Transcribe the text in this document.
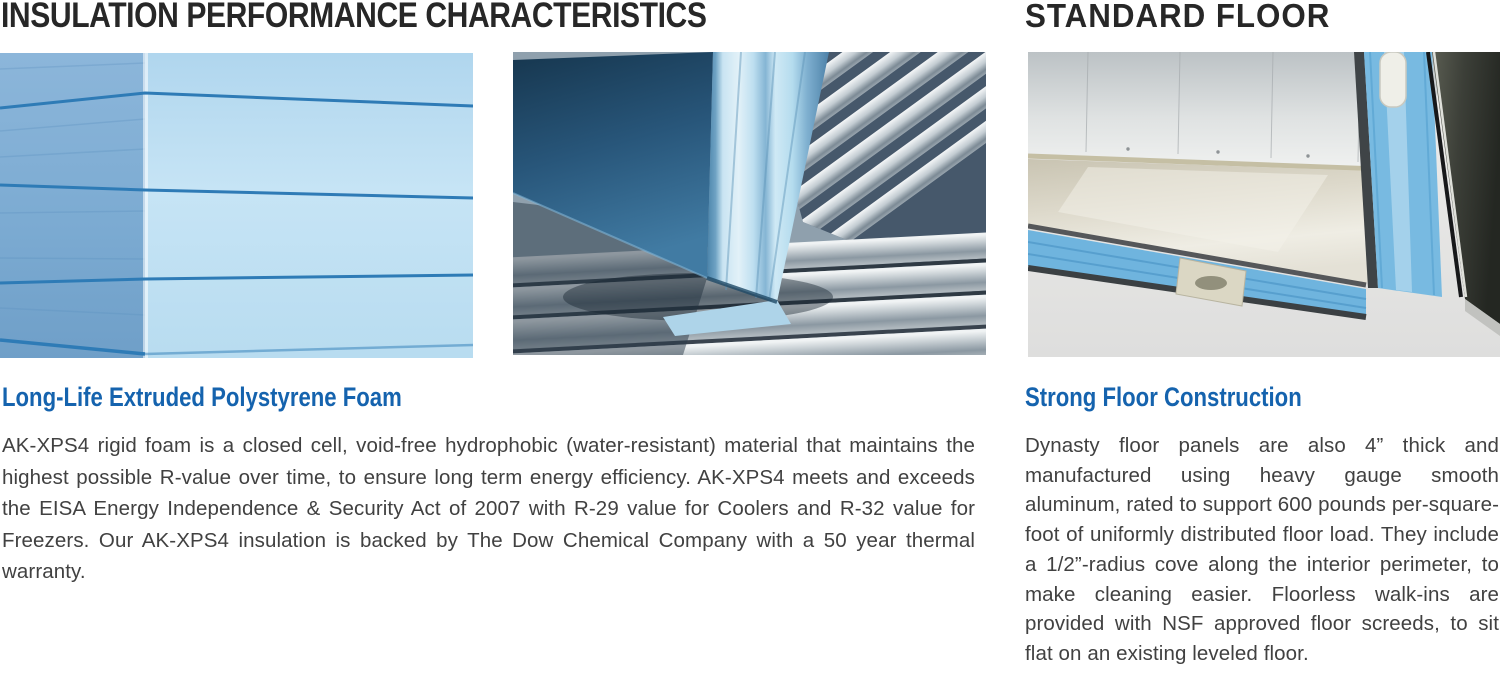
INSULATION PERFORMANCE CHARACTERISTICS
Long-Life Extruded Polystyrene Foam

AK-XPS4 rigid foam is a closed cell, void-free hydrophobic (water-resistant) material that maintains the highest possible R-value over time, to ensure long term energy efficiency. AK-XPS4 meets and exceeds the EISA Energy Independence & Security Act of 2007 with R-29 value for Coolers and R-32 value for Freezers. Our AK-XPS4 insulation is backed by The Dow Chemical Company with a 50 year thermal warranty.

STANDARD FLOOR
Strong Floor Construction

Dynasty floor panels are also 4” thick and manufactured using heavy gauge smooth aluminum, rated to support 600 pounds per-square-foot of uniformly distributed floor load. They include a 1/2”-radius cove along the interior perimeter, to make cleaning easier. Floorless walk-ins are provided with NSF approved floor screeds, to sit flat on an existing leveled floor.
